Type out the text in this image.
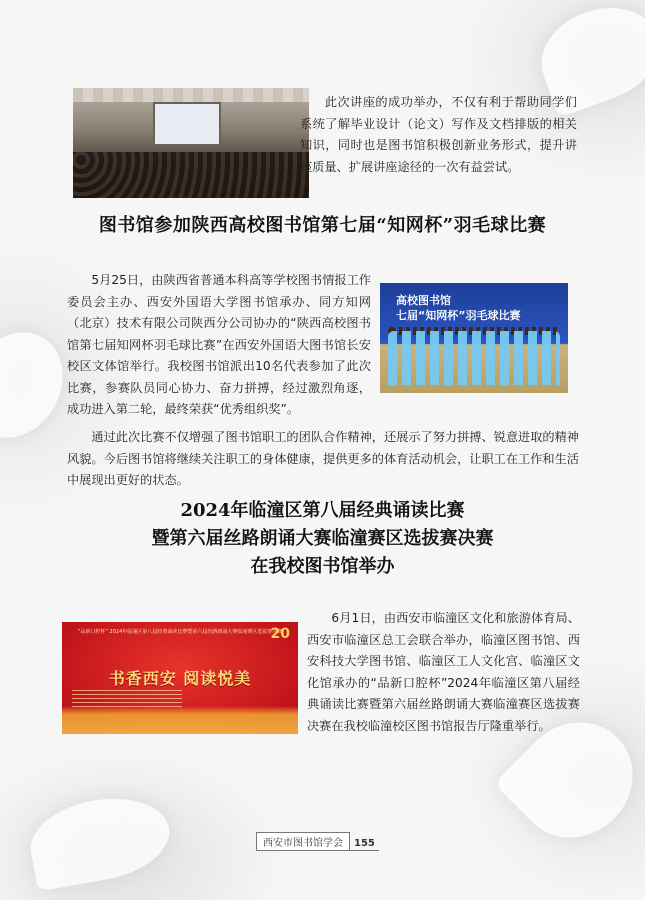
此次讲座的成功举办，不仅有利于帮助同学们系统了解毕业设计（论文）写作及文档排版的相关知识，同时也是图书馆积极创新业务形式，提升讲座质量、扩展讲座途径的一次有益尝试。

图书馆参加陕西高校图书馆第七届“知网杯”羽毛球比赛

5月25日，由陕西省普通本科高等学校图书情报工作委员会主办、西安外国语大学图书馆承办、同方知网（北京）技术有限公司陕西分公司协办的“陕西高校图书馆第七届知网杯羽毛球比赛”在西安外国语大图书馆长安校区文体馆举行。我校图书馆派出10名代表参加了此次比赛，参赛队员同心协力、奋力拼搏，经过激烈角逐，成功进入第二轮，最终荣获“优秀组织奖”。

高校图书馆
七届“知网杯”羽毛球比赛

通过此次比赛不仅增强了图书馆职工的团队合作精神，还展示了努力拼搏、锐意进取的精神风貌。今后图书馆将继续关注职工的身体健康，提供更多的体育活动机会，让职工在工作和生活中展现出更好的状态。

2024年临潼区第八届经典诵读比赛
暨第六届丝路朗诵大赛临潼赛区选拔赛决赛
在我校图书馆举办
“品新口腔杯” 2024年临潼区第八届经典诵读比赛暨第六届丝路朗诵大赛临潼赛区选拔赛决赛
20
书香西安 阅读悦美

6月1日，由西安市临潼区文化和旅游体育局、西安市临潼区总工会联合举办，临潼区图书馆、西安科技大学图书馆、临潼区工人文化宫、临潼区文化馆承办的“品新口腔杯”2024年临潼区第八届经典诵读比赛暨第六届丝路朗诵大赛临潼赛区选拔赛决赛在我校临潼校区图书馆报告厅隆重举行。

西安市图书馆学会 155
